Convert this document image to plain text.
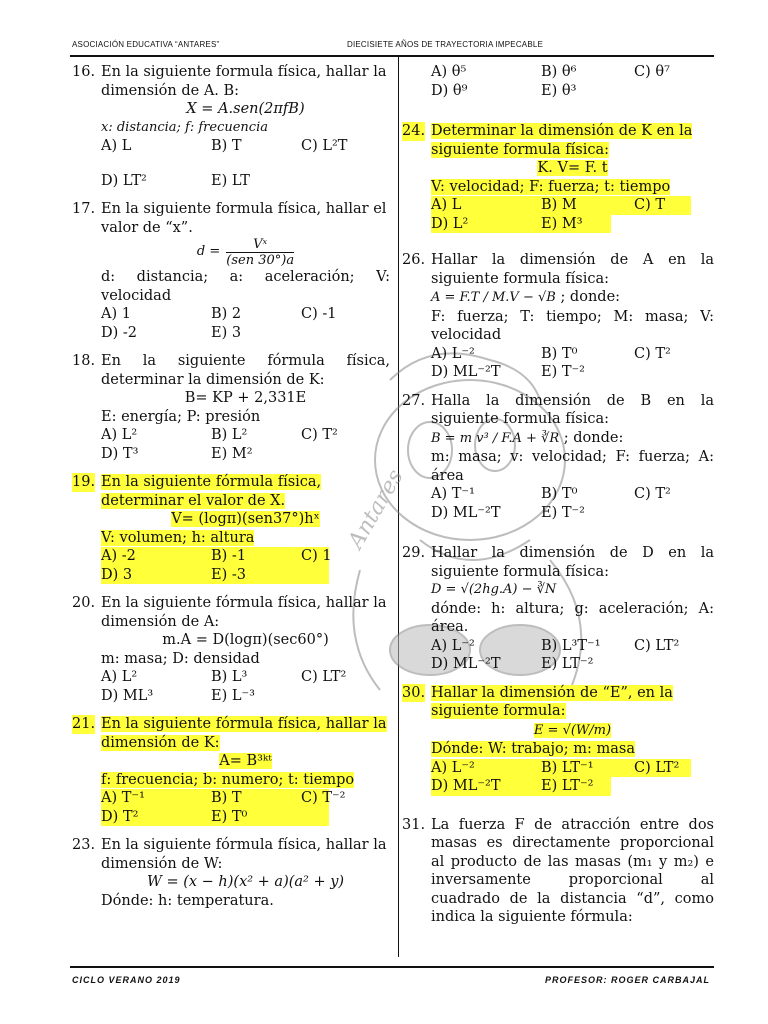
ASOCIACIÓN EDUCATIVA “ANTARES”	DIECISIETE AÑOS DE TRAYECTORIA IMPECABLE
Antares
16. En la siguiente formula física, hallar la dimensión de A. B:
X = A.sen(2πfB)
x: distancia; f: frecuencia
A) L	B) T	C) L²T
D) LT²	E) LT
17. En la siguiente formula física, hallar el valor de “x”.
d =	Vˣ
(sen 30°)a
d: distancia; a: aceleración; V: velocidad
A) 1	B) 2	C) -1
D) -2	E) 3
18. En la siguiente fórmula física, determinar la dimensión de K:
B= KP + 2,331E
E: energía; P: presión
A) L²	B) L²	C) T²
D) T³	E) M²
19. En la siguiente fórmula física, determinar el valor de X.
V= (logπ)(sen37°)hˣ
V: volumen; h: altura
A) -2	B) -1	C) 1
D) 3	E) -3
20. En la siguiente fórmula física, hallar la dimensión de A:
m.A = D(logπ)(sec60°)
m: masa; D: densidad
A) L²	B) L³	C) LT²
D) ML³	E) L⁻³
21. En la siguiente fórmula física, hallar la dimensión de K:
A= B³ᵏᵗ
f: frecuencia; b: numero; t: tiempo
A) T⁻¹	B) T	C) T⁻²
D) T²	E) T⁰
23. En la siguiente fórmula física, hallar la dimensión de W:
W = (x − h)(x² + a)(a² + y)
Dónde: h: temperatura.
A) θ⁵	B) θ⁶	C) θ⁷
D) θ⁹	E) θ³
24. Determinar la dimensión de K en la siguiente formula física:
K. V= F. t
V: velocidad; F: fuerza; t: tiempo
A) L	B) M	C) T
D) L²	E) M³
26. Hallar la dimensión de A en la siguiente formula física:
A = F.T / M.V − √B ; donde:
F: fuerza; T: tiempo; M: masa; V: velocidad
A) L⁻²	B) T⁰	C) T²
D) ML⁻²T	E) T⁻²
27. Halla la dimensión de B en la siguiente formula física:
B = m v³ / F.A + ∛R ; donde:
m: masa; v: velocidad; F: fuerza; A: área
A) T⁻¹	B) T⁰	C) T²
D) ML⁻²T	E) T⁻²
29. Hallar la dimensión de D en la siguiente formula física:
D = √(2hg.A) − ∛N
dónde: h: altura; g: aceleración; A: área.
A) L⁻²	B) L³T⁻¹	C) LT²
D) ML⁻²T	E) LT⁻²
30. Hallar la dimensión de “E”, en la siguiente formula:
E = √(W/m)
Dónde: W: trabajo; m: masa
A) L⁻²	B) LT⁻¹	C) LT²
D) ML⁻²T	E) LT⁻²
31. La fuerza F de atracción entre dos masas es directamente proporcional al producto de las masas (m₁ y m₂) e inversamente proporcional al cuadrado de la distancia “d”, como indica la siguiente fórmula:
CICLO VERANO 2019	PROFESOR: ROGER CARBAJAL
